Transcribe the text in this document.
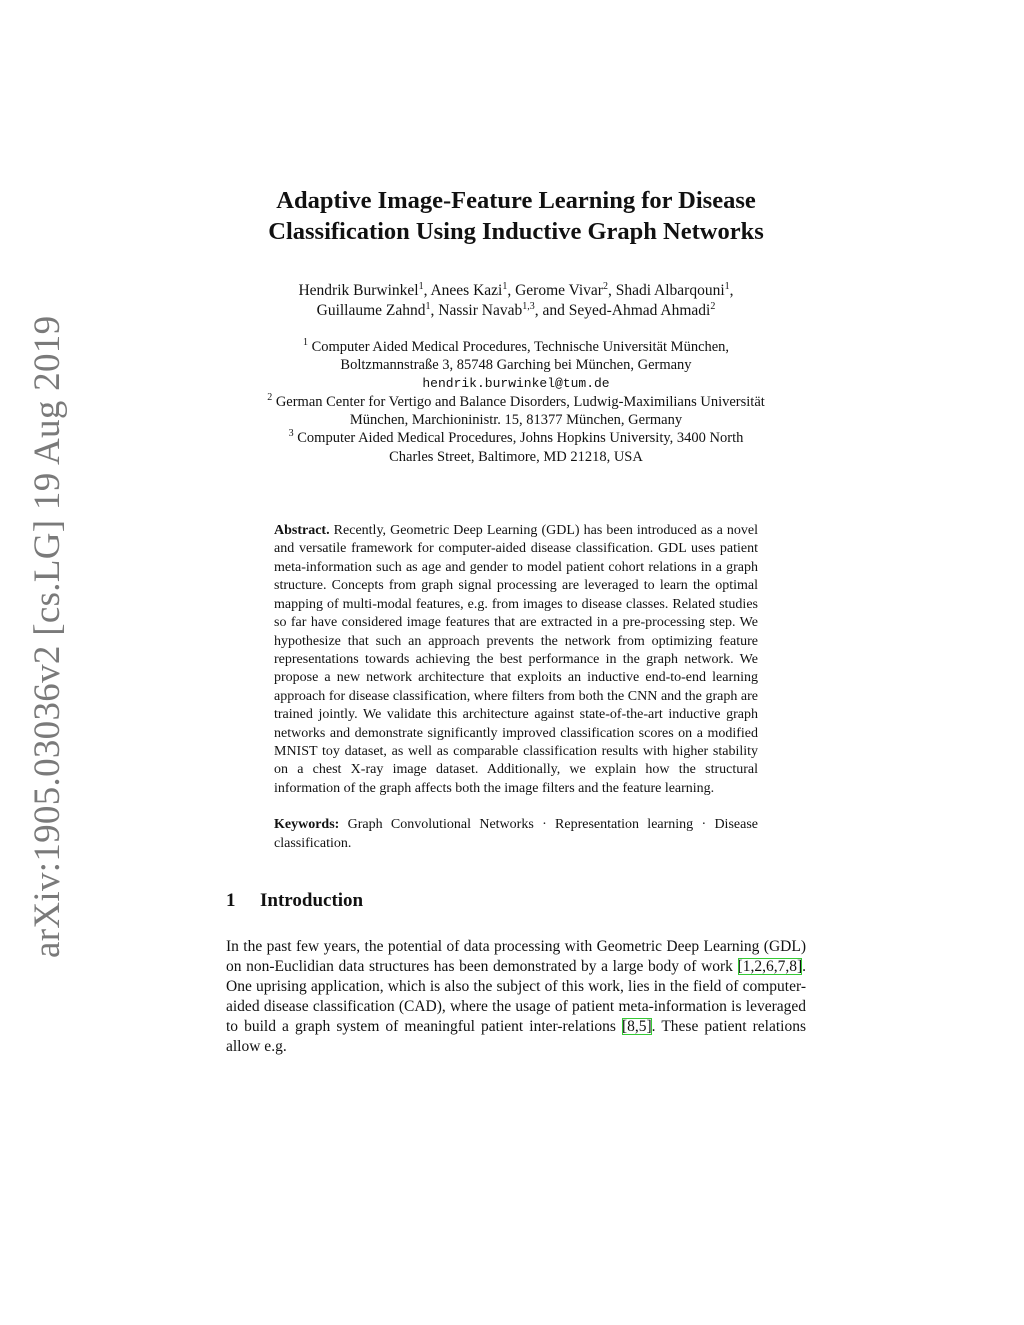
arXiv:1905.03036v2 [cs.LG] 19 Aug 2019
Adaptive Image-Feature Learning for Disease
Classification Using Inductive Graph Networks
Hendrik Burwinkel$^1$, Anees Kazi$^1$, Gerome Vivar$^2$, Shadi Albarqouni$^1$,
Guillaume Zahnd$^1$, Nassir Navab$^{1,3}$, and Seyed-Ahmad Ahmadi$^2$
$^1$ Computer Aided Medical Procedures, Technische Universität München,
Boltzmannstraße 3, 85748 Garching bei München, Germany
hendrik.burwinkel@tum.de
$^2$ German Center for Vertigo and Balance Disorders, Ludwig-Maximilians Universität
München, Marchioninistr. 15, 81377 München, Germany
$^3$ Computer Aided Medical Procedures, Johns Hopkins University, 3400 North
Charles Street, Baltimore, MD 21218, USA

Abstract. Recently, Geometric Deep Learning (GDL) has been introduced as a novel and versatile framework for computer-aided disease classification. GDL uses patient meta-information such as age and gender to model patient cohort relations in a graph structure. Concepts from graph signal processing are leveraged to learn the optimal mapping of multi-modal features, e.g. from images to disease classes. Related studies so far have considered image features that are extracted in a pre-processing step. We hypothesize that such an approach prevents the network from optimizing feature representations towards achieving the best performance in the graph network. We propose a new network architecture that exploits an inductive end-to-end learning approach for disease classification, where filters from both the CNN and the graph are trained jointly. We validate this architecture against state-of-the-art inductive graph networks and demonstrate significantly improved classification scores on a modified MNIST toy dataset, as well as comparable classification results with higher stability on a chest X-ray image dataset. Additionally, we explain how the structural information of the graph affects both the image filters and the feature learning.

Keywords: Graph Convolutional Networks · Representation learning · Disease classification.

1 Introduction

In the past few years, the potential of data processing with Geometric Deep Learning (GDL) on non-Euclidian data structures has been demonstrated by a large body of work [1,2,6,7,8]. One uprising application, which is also the subject of this work, lies in the field of computer-aided disease classification (CAD), where the usage of patient meta-information is leveraged to build a graph system of meaningful patient inter-relations [8,5]. These patient relations allow e.g.
